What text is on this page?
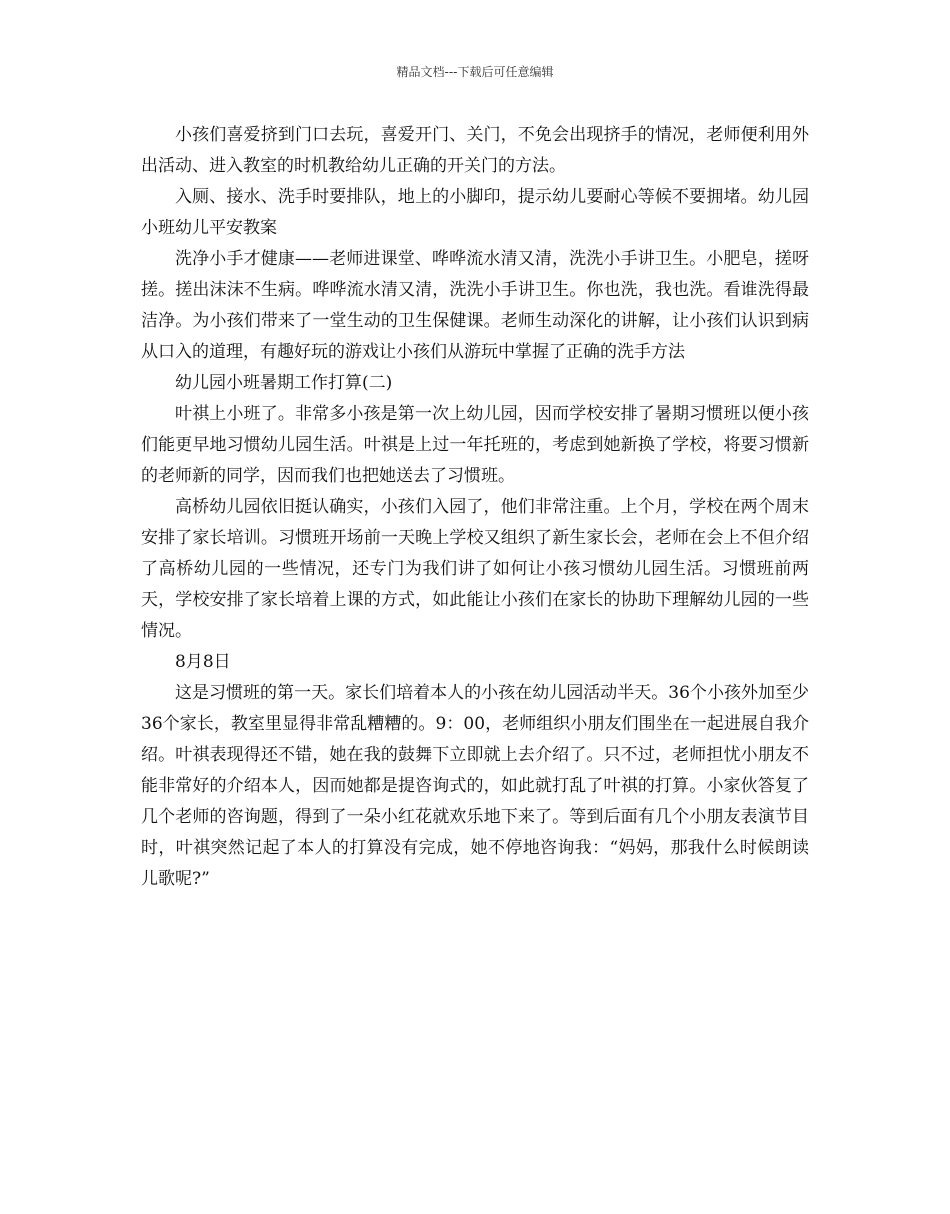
精品文档---下载后可任意编辑

小孩们喜爱挤到门口去玩，喜爱开门、关门，不免会出现挤手的情况，老师便利用外出活动、进入教室的时机教给幼儿正确的开关门的方法。

入厕、接水、洗手时要排队，地上的小脚印，提示幼儿要耐心等候不要拥堵。幼儿园小班幼儿平安教案

洗净小手才健康——老师进课堂、哗哗流水清又清，洗洗小手讲卫生。小肥皂，搓呀搓。搓出沫沫不生病。哗哗流水清又清，洗洗小手讲卫生。你也洗，我也洗。看谁洗得最洁净。为小孩们带来了一堂生动的卫生保健课。老师生动深化的讲解，让小孩们认识到病从口入的道理，有趣好玩的游戏让小孩们从游玩中掌握了正确的洗手方法

幼儿园小班暑期工作打算(二)

叶祺上小班了。非常多小孩是第一次上幼儿园，因而学校安排了暑期习惯班以便小孩们能更早地习惯幼儿园生活。叶祺是上过一年托班的，考虑到她新换了学校，将要习惯新的老师新的同学，因而我们也把她送去了习惯班。

高桥幼儿园依旧挺认确实，小孩们入园了，他们非常注重。上个月，学校在两个周末安排了家长培训。习惯班开场前一天晚上学校又组织了新生家长会，老师在会上不但介绍了高桥幼儿园的一些情况，还专门为我们讲了如何让小孩习惯幼儿园生活。习惯班前两天，学校安排了家长培着上课的方式，如此能让小孩们在家长的协助下理解幼儿园的一些情况。

8月8日

这是习惯班的第一天。家长们培着本人的小孩在幼儿园活动半天。36个小孩外加至少36个家长，教室里显得非常乱糟糟的。9：00，老师组织小朋友们围坐在一起进展自我介绍。叶祺表现得还不错，她在我的鼓舞下立即就上去介绍了。只不过，老师担忧小朋友不能非常好的介绍本人，因而她都是提咨询式的，如此就打乱了叶祺的打算。小家伙答复了几个老师的咨询题，得到了一朵小红花就欢乐地下来了。等到后面有几个小朋友表演节目时，叶祺突然记起了本人的打算没有完成，她不停地咨询我：“妈妈，那我什么时候朗读儿歌呢?”
